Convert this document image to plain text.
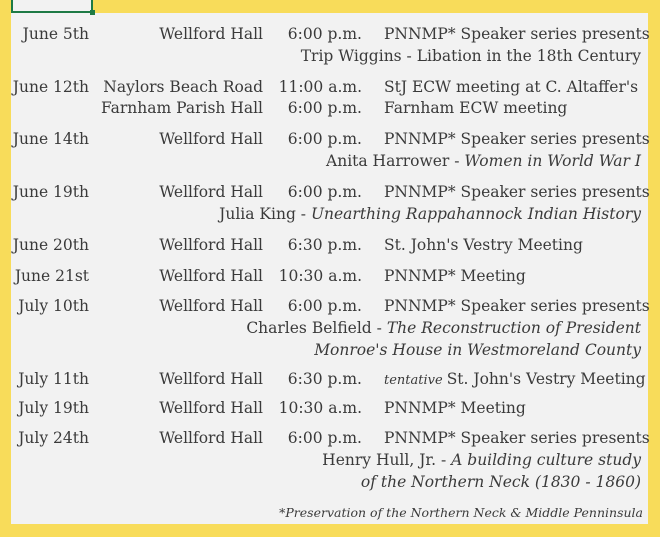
June 5th	Wellford Hall 6:00 p.m. PNNMP* Speaker series presents
Trip Wiggins - Libation in the 18th Century
June 12th Naylors Beach Road 11:00 a.m. StJ ECW meeting at C. Altaffer's
Farnham Parish Hall 6:00 p.m. Farnham ECW meeting
June 14th	Wellford Hall 6:00 p.m. PNNMP* Speaker series presents
Anita Harrower - Women in World War I
June 19th	Wellford Hall 6:00 p.m. PNNMP* Speaker series presents
Julia King - Unearthing Rappahannock Indian History
June 20th	Wellford Hall 6:30 p.m. St. John's Vestry Meeting
June 21st	Wellford Hall 10:30 a.m. PNNMP* Meeting
July 10th	Wellford Hall 6:00 p.m. PNNMP* Speaker series presents
Charles Belfield - The Reconstruction of President
Monroe's House in Westmoreland County
July 11th	Wellford Hall 6:30 p.m. tentative St. John's Vestry Meeting
July 19th	Wellford Hall 10:30 a.m. PNNMP* Meeting
July 24th	Wellford Hall 6:00 p.m. PNNMP* Speaker series presents
Henry Hull, Jr. - A building culture study
of the Northern Neck (1830 - 1860)
*Preservation of the Northern Neck & Middle Penninsula
